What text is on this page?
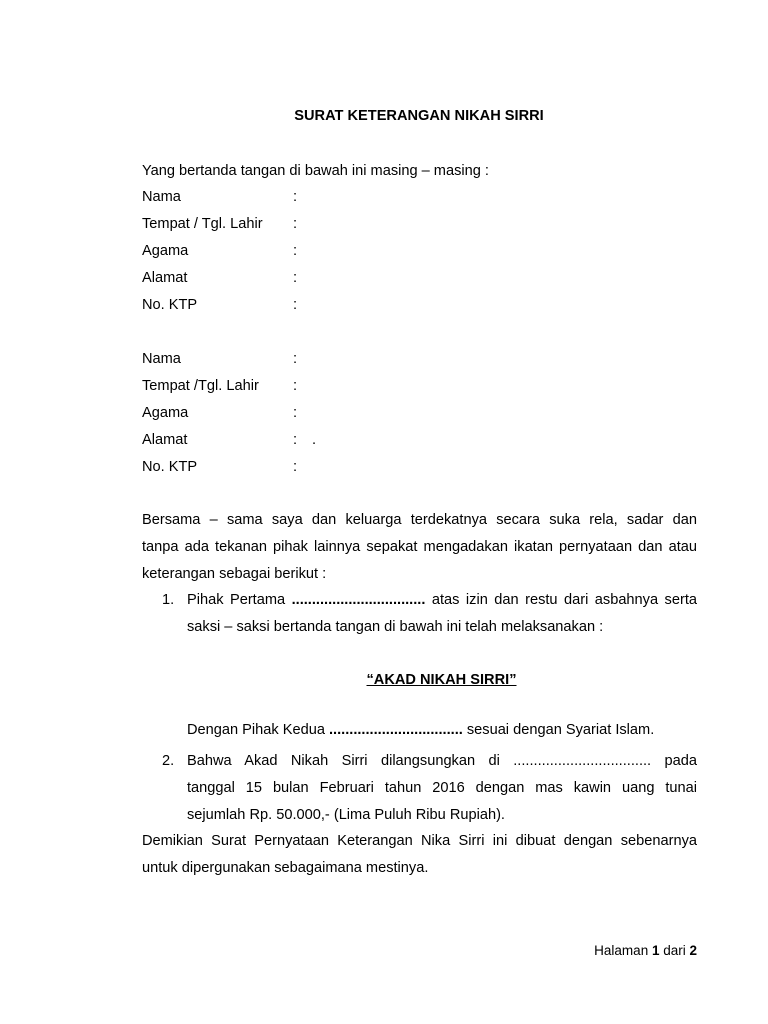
SURAT KETERANGAN NIKAH SIRRI
Yang bertanda tangan di bawah ini masing – masing :
Nama	:
Tempat / Tgl. Lahir :
Agama	:
Alamat	:
No. KTP	:
Nama	:
Tempat /Tgl. Lahir :
Agama	:
Alamat	: .
No. KTP	:
Bersama – sama saya dan keluarga terdekatnya secara suka rela, sadar dan
tanpa ada tekanan pihak lainnya sepakat mengadakan ikatan pernyataan dan atau
keterangan sebagai berikut :
1. Pihak Pertama ................................. atas izin dan restu dari asbahnya serta
saksi – saksi bertanda tangan di bawah ini telah melaksanakan :
“AKAD NIKAH SIRRI”
Dengan Pihak Kedua ................................. sesuai dengan Syariat Islam.
2. Bahwa Akad Nikah Sirri dilangsungkan di .................................. pada
tanggal 15 bulan Februari tahun 2016 dengan mas kawin uang tunai
sejumlah Rp. 50.000,- (Lima Puluh Ribu Rupiah).
Demikian Surat Pernyataan Keterangan Nika Sirri ini dibuat dengan sebenarnya
untuk dipergunakan sebagaimana mestinya.
Halaman 1 dari 2
